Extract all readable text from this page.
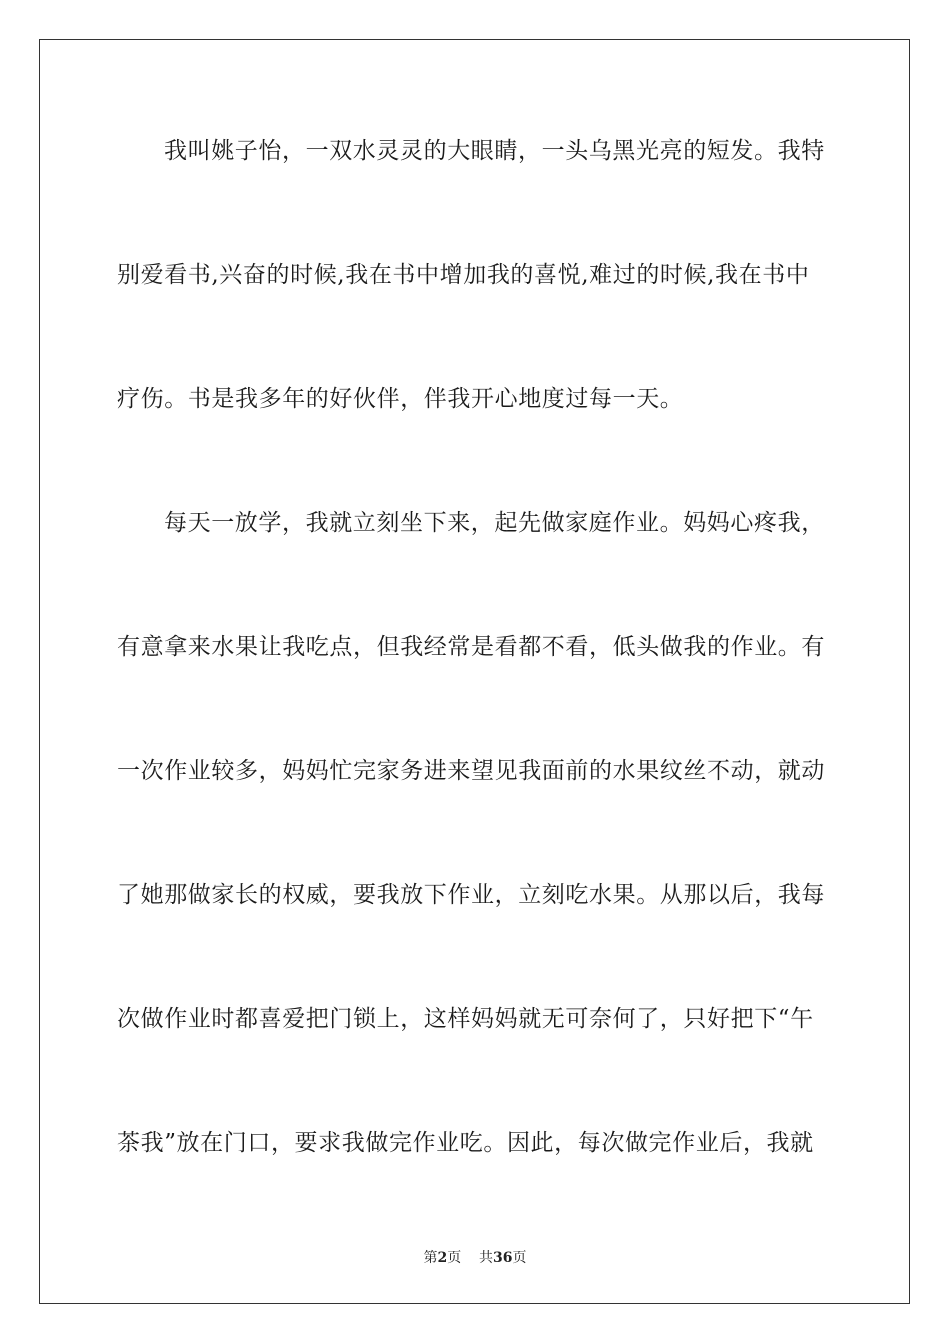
我叫姚子怡，一双水灵灵的大眼睛，一头乌黑光亮的短发。我特
别爱看书,兴奋的时候,我在书中增加我的喜悦,难过的时候,我在书中
疗伤。书是我多年的好伙伴，伴我开心地度过每一天。
每天一放学，我就立刻坐下来，起先做家庭作业。妈妈心疼我，
有意拿来水果让我吃点，但我经常是看都不看，低头做我的作业。有
一次作业较多，妈妈忙完家务进来望见我面前的水果纹丝不动，就动
了她那做家长的权威，要我放下作业，立刻吃水果。从那以后，我每
次做作业时都喜爱把门锁上，这样妈妈就无可奈何了，只好把下“午
茶我”放在门口，要求我做完作业吃。因此，每次做完作业后，我就
第2页 共36页
